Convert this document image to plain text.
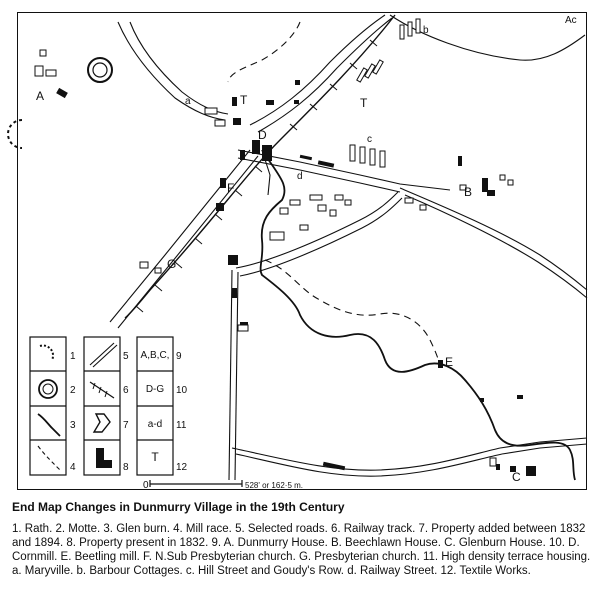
A
B
C
D
E
F
G
T	T
a
b
c
d
Ac
A,B,C,
D-G
a-d
T
1
2
3
4
5
6
7
8
9
10
11
12
0	528' or 162·5 m.
End Map Changes in Dunmurry Village in the 19th Century
1. Rath. 2. Motte. 3. Glen burn. 4. Mill race. 5. Selected roads. 6. Railway track. 7. Property added between 1832 and 1894. 8. Property present in 1832. 9. A. Dunmurry House. B. Beechlawn House. C. Glenburn House. 10. D. Cornmill. E. Beetling mill. F. N.Sub Presbyterian church. G. Presbyterian church. 11. High density terrace housing. a. Maryville. b. Barbour Cottages. c. Hill Street and Goudy's Row. d. Railway Street. 12. Textile Works.
